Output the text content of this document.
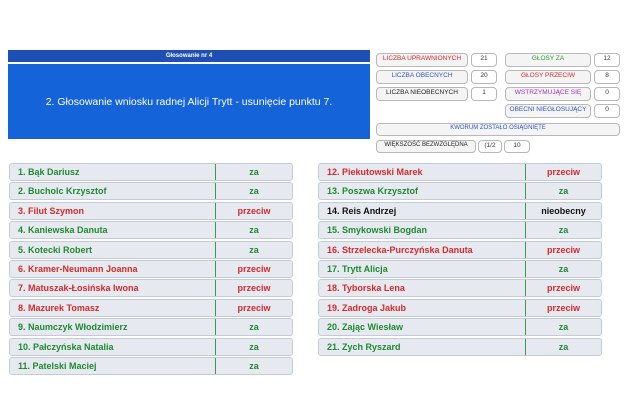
Głosowanie nr 4
2. Głosowanie wniosku radnej Alicji Trytt - usunięcie punktu 7.
LICZBA UPRAWNIONYCH	21
LICZBA OBECNYCH	20
LICZBA NIEOBECNYCH	1
GŁOSY ZA	12
GŁOSY PRZECIW	8
WSTRZYMUJĄCE SIĘ	0
OBECNI NIEGŁOSUJĄCY	0
KWORUM ZOSTAŁO OSIĄGNIĘTE
WIĘKSZOŚĆ BEZWZGLĘDNA	(1/2	10
1. Bąk Dariusz	za
2. Bucholc Krzysztof	za
3. Filut Szymon	przeciw
4. Kaniewska Danuta	za
5. Kotecki Robert	za
6. Kramer-Neumann Joanna	przeciw
7. Matuszak-Łosińska Iwona	przeciw
8. Mazurek Tomasz	przeciw
9. Naumczyk Włodzimierz	za
10. Pałczyńska Natalia	za
11. Patelski Maciej	za
12. Piekutowski Marek	przeciw
13. Poszwa Krzysztof	za
14. Reis Andrzej	nieobecny
15. Smykowski Bogdan	za
16. Strzelecka-Purczyńska Danuta	przeciw
17. Trytt Alicja	za
18. Tyborska Lena	przeciw
19. Zadroga Jakub	przeciw
20. Zając Wiesław	za
21. Zych Ryszard	za
